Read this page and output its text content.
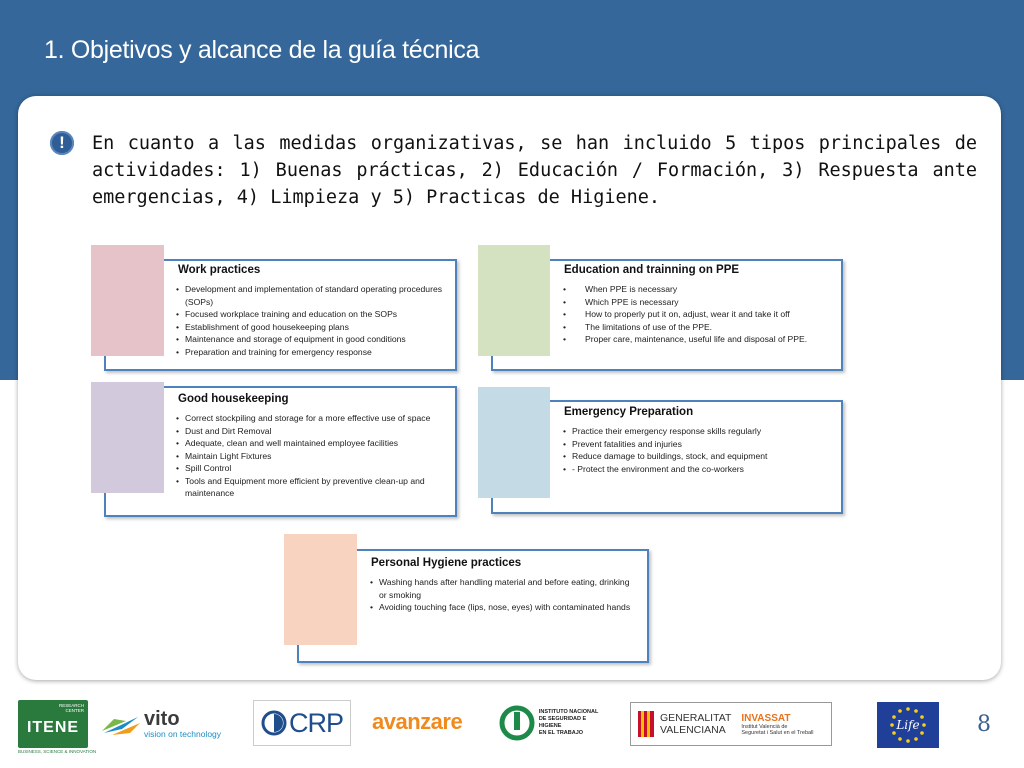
1. Objetivos y alcance de la guía técnica
!	En cuanto a las medidas organizativas, se han incluido 5 tipos principales de actividades: 1) Buenas prácticas, 2) Educación / Formación, 3) Respuesta ante emergencias, 4) Limpieza y 5) Practicas de Higiene.
Work practices
• Development and implementation of standard operating procedures (SOPs)
• Focused workplace training and education on the SOPs
• Establishment of good housekeeping plans
• Maintenance and storage of equipment in good conditions
• Preparation and training for emergency response
Education and trainning on PPE
• When PPE is necessary
• Which PPE is necessary
• How to properly put it on, adjust, wear it and take it off
• The limitations of use of the PPE.
• Proper care, maintenance, useful life and disposal of PPE.
Good housekeeping
• Correct stockpiling and storage for a more effective use of space
• Dust and Dirt Removal
• Adequate, clean and well maintained employee facilities
• Maintain Light Fixtures
• Spill Control
• Tools and Equipment more efficient by preventive clean-up and maintenance
Emergency Preparation
• Practice their emergency response skills regularly
• Prevent fatalities and injuries
• Reduce damage to buildings, stock, and equipment
• - Protect the environment and the co-workers
Personal Hygiene practices
• Washing hands after handling material and before eating, drinking or smoking
• Avoiding touching face (lips, nose, eyes) with contaminated hands
RESEARCH
CENTER
ITENE
BUSINESS, SCIENCE & INNOVATION
vito
vision on technology	CRP avanzare	INSTITUTO NACIONAL
DE SEGURIDAD E HIGIENE
EN EL TRABAJO
GENERALITAT
VALENCIANA
INVASSAT
Institut Valencià de
Seguretat i Salut en el Treball
Life	8
